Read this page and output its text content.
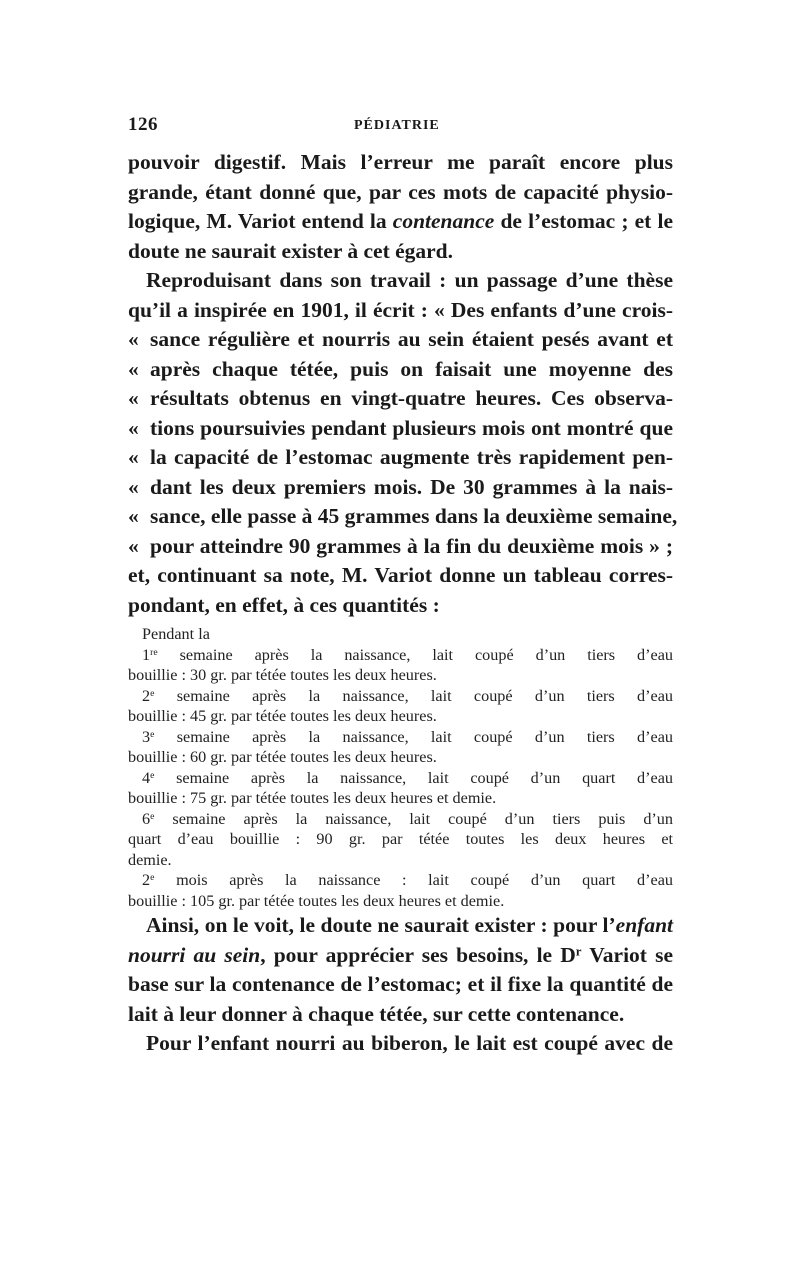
126	PÉDIATRIE

pouvoir digestif. Mais l’erreur me paraît encore plus
grande, étant donné que, par ces mots de capacité physio-
logique, M. Variot entend la contenance de l’estomac ; et le
doute ne saurait exister à cet égard.

Reproduisant dans son travail : un passage d’une thèse
qu’il a inspirée en 1901, il écrit : « Des enfants d’une crois-
« sance régulière et nourris au sein étaient pesés avant et
« après chaque tétée, puis on faisait une moyenne des
« résultats obtenus en vingt-quatre heures. Ces observa-
« tions poursuivies pendant plusieurs mois ont montré que
« la capacité de l’estomac augmente très rapidement pen-
« dant les deux premiers mois. De 30 grammes à la nais-
« sance, elle passe à 45 grammes dans la deuxième semaine,
« pour atteindre 90 grammes à la fin du deuxième mois » ;
et, continuant sa note, M. Variot donne un tableau corres-
pondant, en effet, à ces quantités :

Pendant la
1re semaine après la naissance, lait coupé d’un tiers d’eau
bouillie : 30 gr. par tétée toutes les deux heures.
2e semaine après la naissance, lait coupé d’un tiers d’eau
bouillie : 45 gr. par tétée toutes les deux heures.
3e semaine après la naissance, lait coupé d’un tiers d’eau
bouillie : 60 gr. par tétée toutes les deux heures.
4e semaine après la naissance, lait coupé d’un quart d’eau
bouillie : 75 gr. par tétée toutes les deux heures et demie.
6e semaine après la naissance, lait coupé d’un tiers puis d’un
quart d’eau bouillie : 90 gr. par tétée toutes les deux heures et
demie.
2e mois après la naissance : lait coupé d’un quart d’eau
bouillie : 105 gr. par tétée toutes les deux heures et demie.

Ainsi, on le voit, le doute ne saurait exister : pour l’enfant
nourri au sein, pour apprécier ses besoins, le $D^r$ Variot se
base sur la contenance de l’estomac; et il fixe la quantité de
lait à leur donner à chaque tétée, sur cette contenance.

Pour l’enfant nourri au biberon, le lait est coupé avec de
